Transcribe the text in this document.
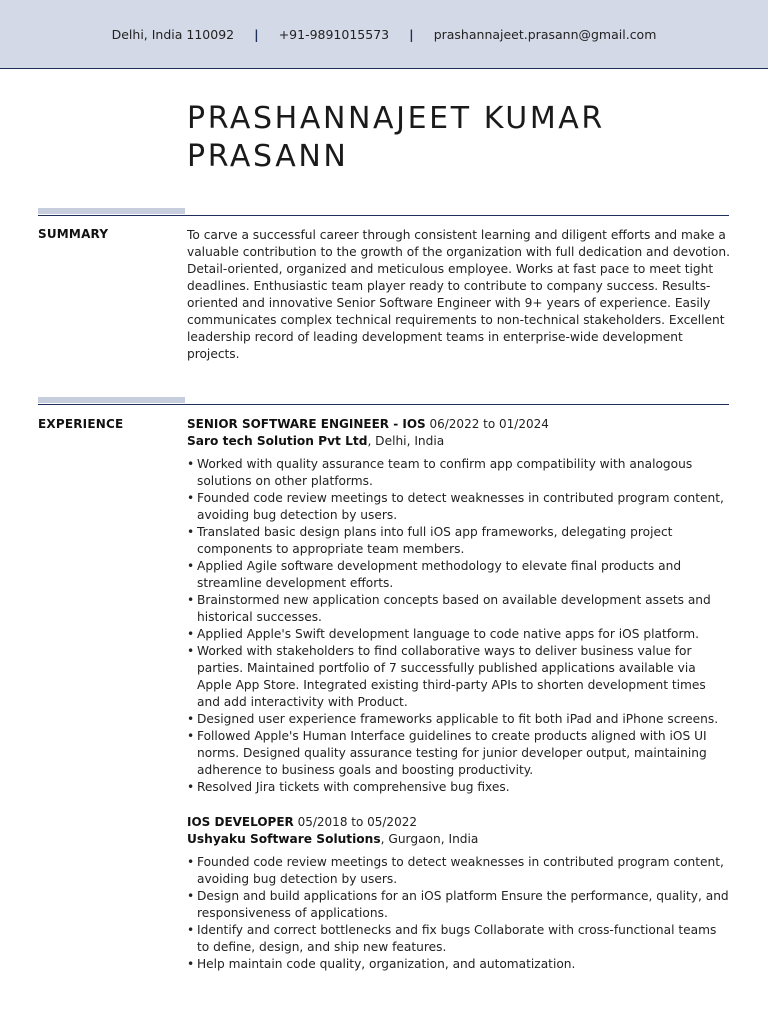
Delhi, India 110092 | +91-9891015573 | prashannajeet.prasann@gmail.com
PRASHANNAJEET KUMAR
PRASANN
SUMMARY	To carve a successful career through consistent learning and diligent efforts and make a valuable contribution to the growth of the organization with full dedication and devotion. Detail-oriented, organized and meticulous employee. Works at fast pace to meet tight deadlines. Enthusiastic team player ready to contribute to company success. Results-oriented and innovative Senior Software Engineer with 9+ years of experience. Easily communicates complex technical requirements to non-technical stakeholders. Excellent leadership record of leading development teams in enterprise-wide development projects.

EXPERIENCE	SENIOR SOFTWARE ENGINEER - IOS 06/2022 to 01/2024
Saro tech Solution Pvt Ltd, Delhi, India
• Worked with quality assurance team to confirm app compatibility with analogous solutions on other platforms.
• Founded code review meetings to detect weaknesses in contributed program content, avoiding bug detection by users.
• Translated basic design plans into full iOS app frameworks, delegating project components to appropriate team members.
• Applied Agile software development methodology to elevate final products and streamline development efforts.
• Brainstormed new application concepts based on available development assets and historical successes.
• Applied Apple's Swift development language to code native apps for iOS platform.
• Worked with stakeholders to find collaborative ways to deliver business value for parties. Maintained portfolio of 7 successfully published applications available via Apple App Store. Integrated existing third-party APIs to shorten development times and add interactivity with Product.
• Designed user experience frameworks applicable to fit both iPad and iPhone screens.
• Followed Apple's Human Interface guidelines to create products aligned with iOS UI norms. Designed quality assurance testing for junior developer output, maintaining adherence to business goals and boosting productivity.
• Resolved Jira tickets with comprehensive bug fixes.
IOS DEVELOPER 05/2018 to 05/2022
Ushyaku Software Solutions, Gurgaon, India
• Founded code review meetings to detect weaknesses in contributed program content, avoiding bug detection by users.
• Design and build applications for an iOS platform Ensure the performance, quality, and responsiveness of applications.
• Identify and correct bottlenecks and fix bugs Collaborate with cross-functional teams to define, design, and ship new features.
• Help maintain code quality, organization, and automatization.
